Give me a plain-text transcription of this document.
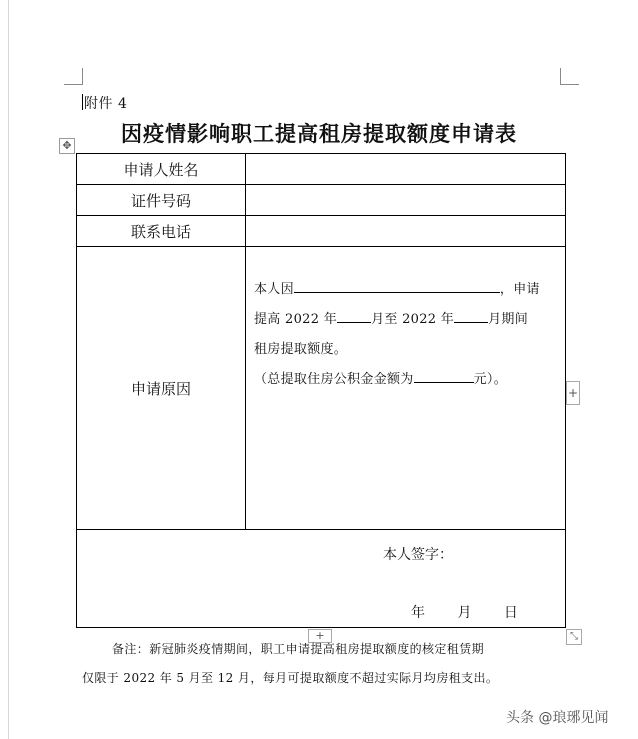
附件 4
因疫情影响职工提高租房提取额度申请表
✥
申请人姓名	
证件号码	
联系电话	
申请原因	本人因 ，申请
提高 2022 年 月至 2022 年 月期间
租房提取额度。
（总提取住房公积金金额为 元）。

本人签字：
年 月 日	
+
+	⤡
备注：新冠肺炎疫情期间，职工申请提高租房提取额度的核定租赁期
仅限于 2022 年 5 月至 12 月，每月可提取额度不超过实际月均房租支出。
头条 @琅琊见闻
